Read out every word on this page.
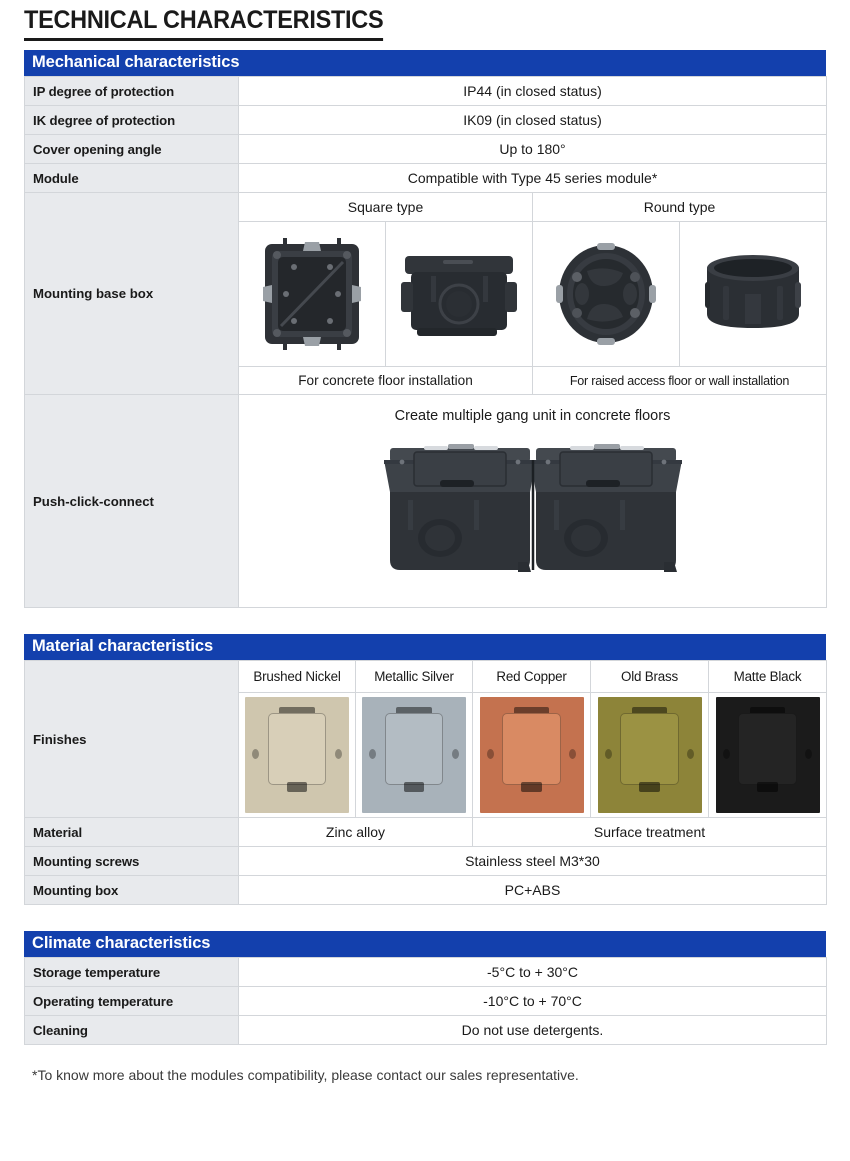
TECHNICAL CHARACTERISTICS
Mechanical characteristics
IP degree of protection	IP44 (in closed status)			
IK degree of protection	IK09 (in closed status)			
Cover opening angle	Up to 180°			
Module	Compatible with Type 45 series module*			
Mounting base box	Square type		Round type	

	For concrete floor installation		For raised access floor or wall installation	
Push-click-connect	Create multiple gang unit in concrete floors			
Material characteristics
Finishes	Brushed Nickel	Metallic Silver	Red Copper	Old Brass	Matte Black

Material	Zinc alloy		Surface treatment		
Mounting screws	Stainless steel M3*30				
Mounting box	PC+ABS				
Climate characteristics
Storage temperature	-5°C to + 30°C
Operating temperature	-10°C to + 70°C
Cleaning	Do not use detergents.
*To know more about the modules compatibility, please contact our sales representative.
